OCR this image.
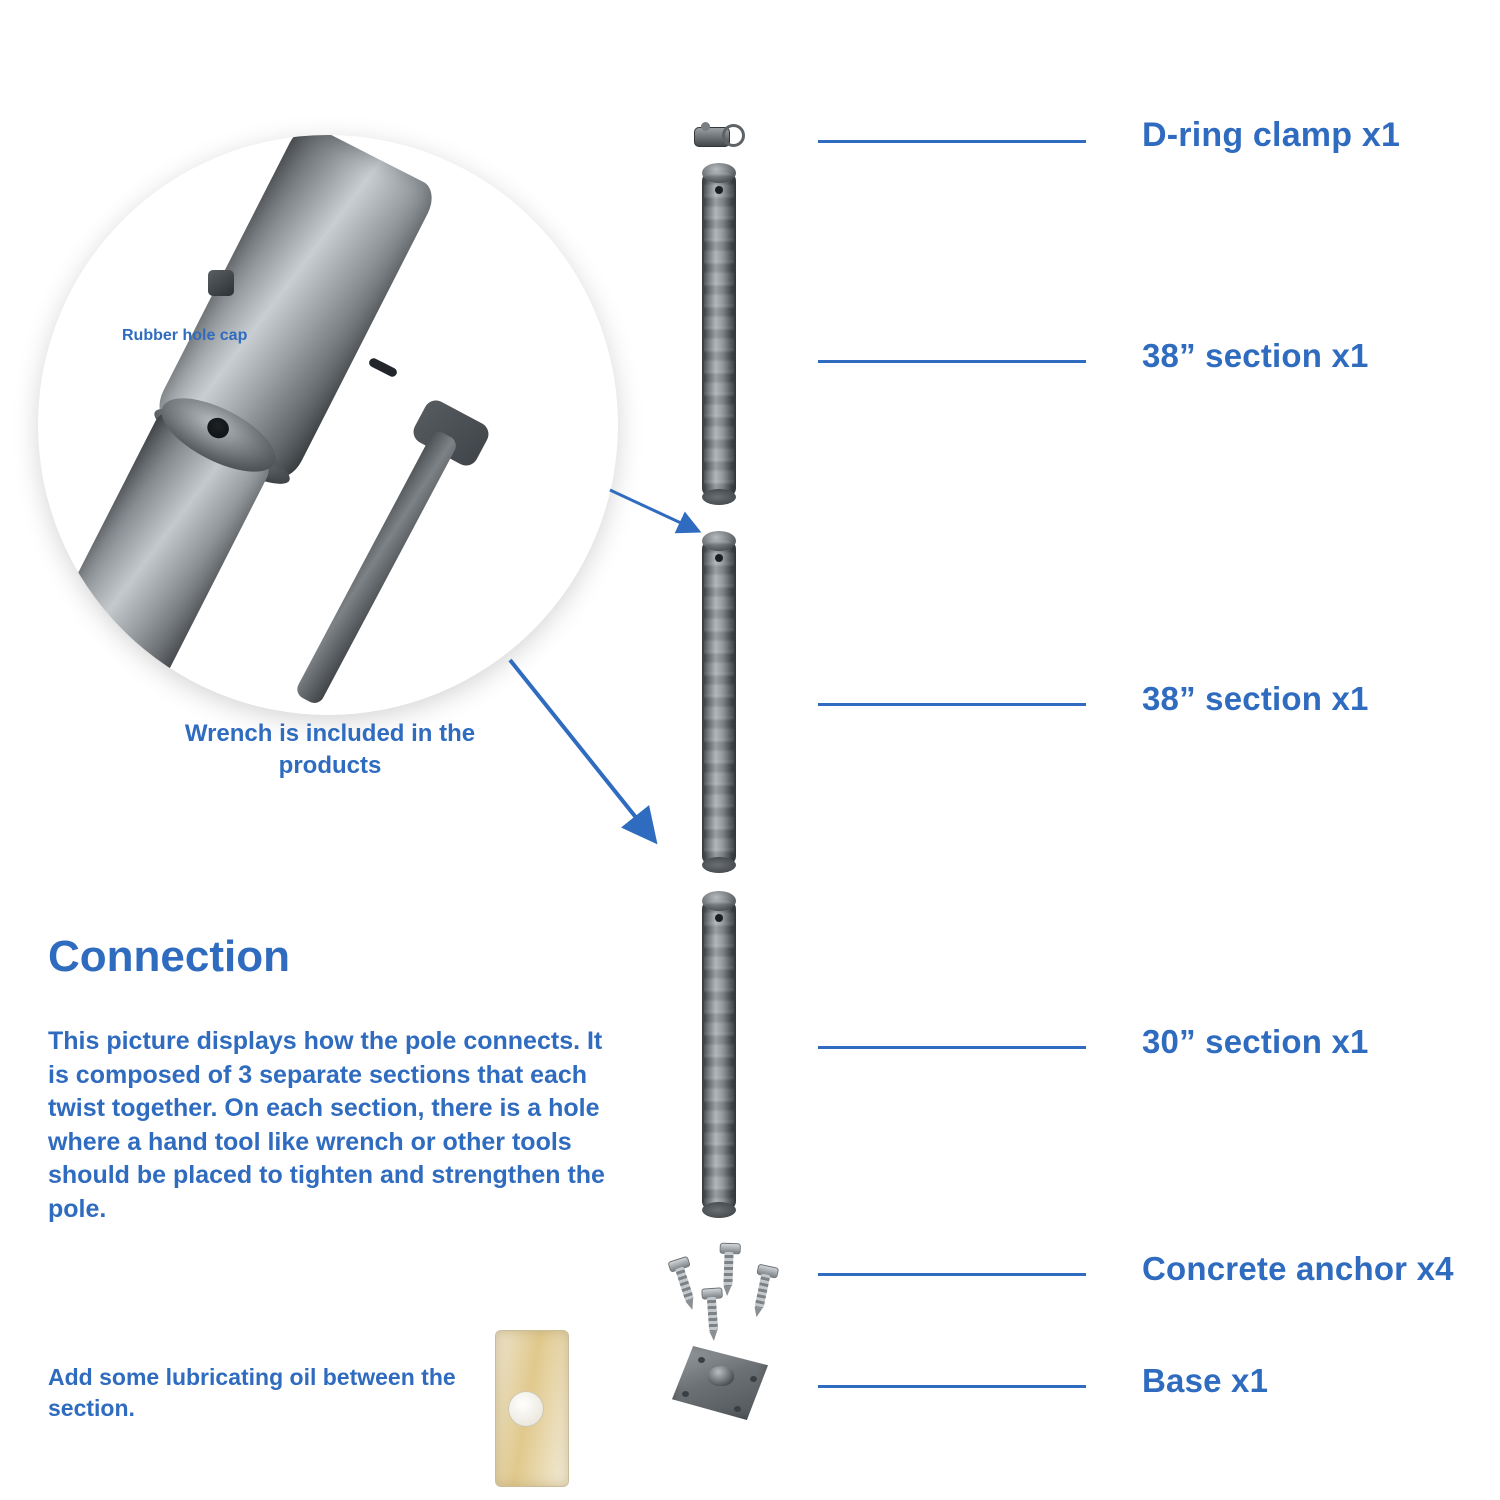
Rubber hole cap
Wrench is included in the products
D-ring clamp x1
38” section x1
38” section x1
30” section x1
Concrete anchor x4
Base x1
Connection
This picture displays how the pole connects. It is composed of 3 separate sections that each twist together. On each section, there is a hole where a hand tool like wrench or other tools should be placed to tighten and strengthen the pole.
Add some lubricating oil between the section.
